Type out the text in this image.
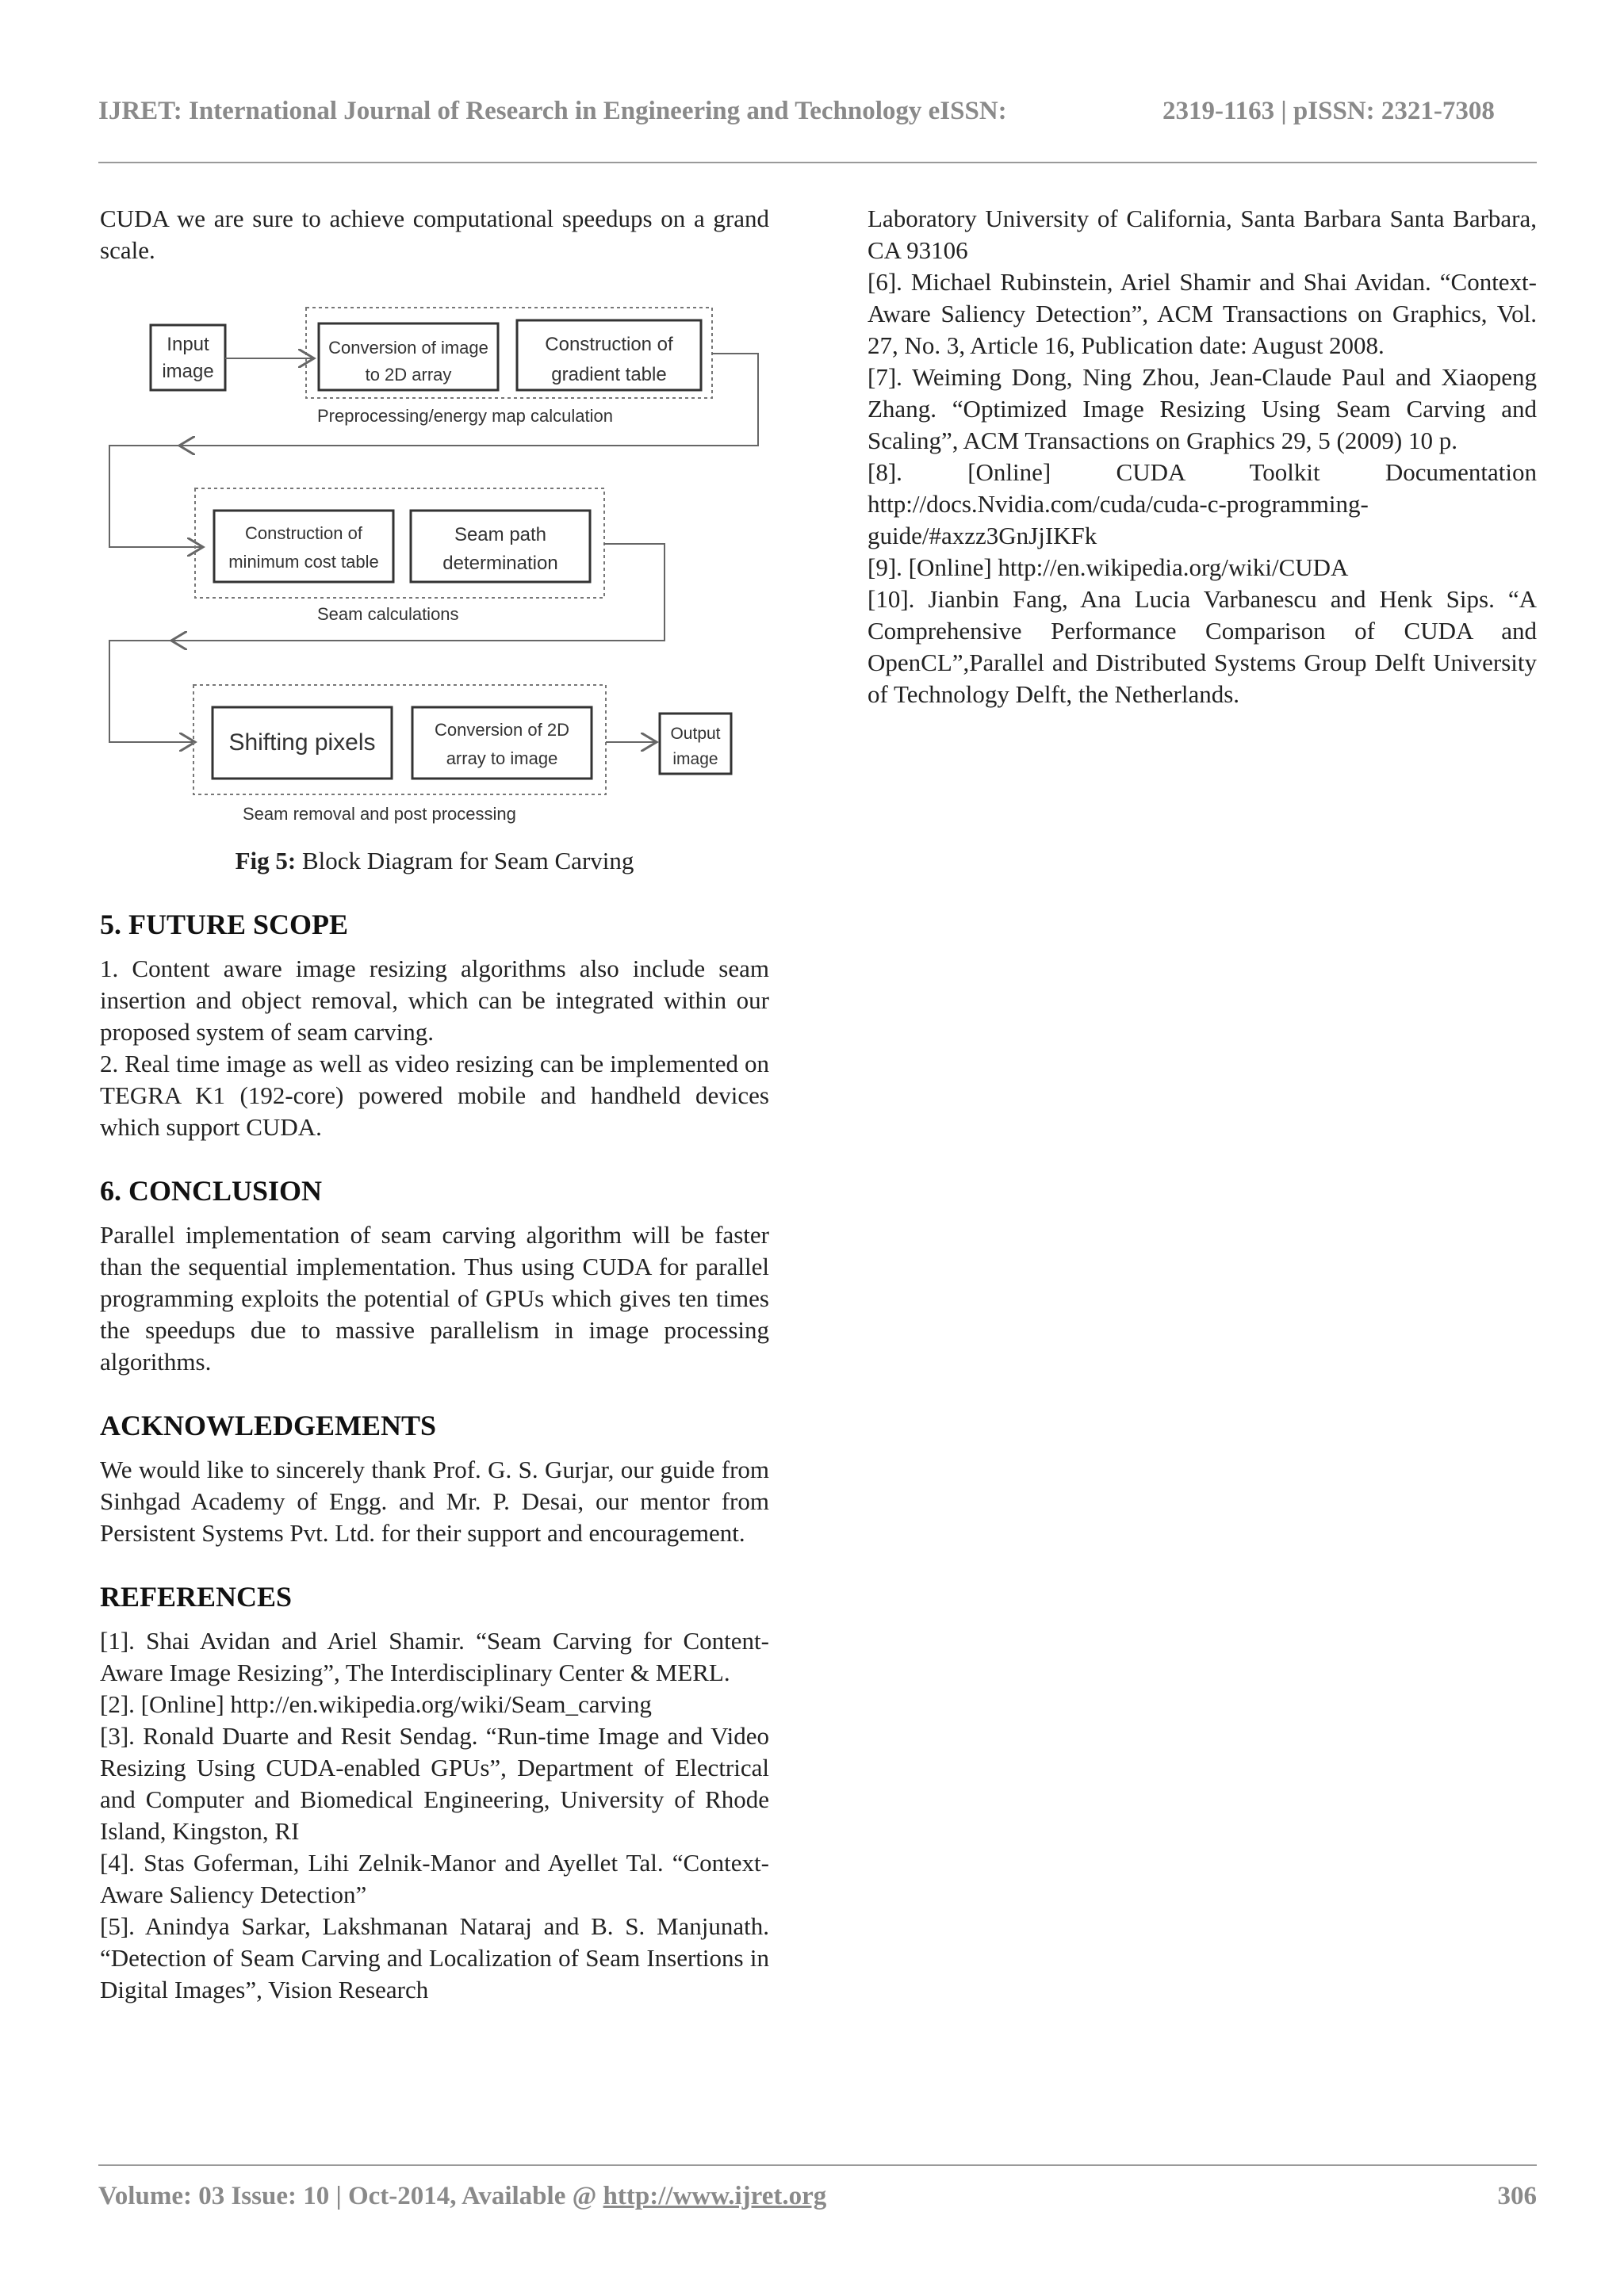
IJRET: International Journal of Research in Engineering and Technology eISSN:	2319-1163 | pISSN: 2321-7308

CUDA we are sure to achieve computational speedups on a grand scale.

Input image
Conversion of image to 2D array
Construction of gradient table
Preprocessing/energy map calculation
Construction of minimum cost table
Seam path determination
Seam calculations
Shifting pixels	Conversion of 2D array to image
Output image
Seam removal and post processing

Fig 5: Block Diagram for Seam Carving

5. FUTURE SCOPE

1. Content aware image resizing algorithms also include seam insertion and object removal, which can be integrated within our proposed system of seam carving.

2. Real time image as well as video resizing can be implemented on TEGRA K1 (192-core) powered mobile and handheld devices which support CUDA.

6. CONCLUSION

Parallel implementation of seam carving algorithm will be faster than the sequential implementation. Thus using CUDA for parallel programming exploits the potential of GPUs which gives ten times the speedups due to massive parallelism in image processing algorithms.

ACKNOWLEDGEMENTS

We would like to sincerely thank Prof. G. S. Gurjar, our guide from Sinhgad Academy of Engg. and Mr. P. Desai, our mentor from Persistent Systems Pvt. Ltd. for their support and encouragement.

REFERENCES

[1]. Shai Avidan and Ariel Shamir. “Seam Carving for Content-Aware Image Resizing”, The Interdisciplinary Center & MERL.

[2]. [Online] http://en.wikipedia.org/wiki/Seam_carving

[3]. Ronald Duarte and Resit Sendag. “Run-time Image and Video Resizing Using CUDA-enabled GPUs”, Department of Electrical and Computer and Biomedical Engineering, University of Rhode Island, Kingston, RI

[4]. Stas Goferman, Lihi Zelnik-Manor and Ayellet Tal. “Context-Aware Saliency Detection”

[5]. Anindya Sarkar, Lakshmanan Nataraj and B. S. Manjunath. “Detection of Seam Carving and Localization of Seam Insertions in Digital Images”, Vision Research

Laboratory University of California, Santa Barbara Santa Barbara, CA 93106

[6]. Michael Rubinstein, Ariel Shamir and Shai Avidan. “Context-Aware Saliency Detection”, ACM Transactions on Graphics, Vol. 27, No. 3, Article 16, Publication date: August 2008.

[7]. Weiming Dong, Ning Zhou, Jean-Claude Paul and Xiaopeng Zhang. “Optimized Image Resizing Using Seam Carving and Scaling”, ACM Transactions on Graphics 29, 5 (2009) 10 p.

[8]. [Online] CUDA Toolkit Documentation http://docs.Nvidia.com/cuda/cuda-c-programming-guide/#axzz3GnJjIKFk

[9]. [Online] http://en.wikipedia.org/wiki/CUDA

[10]. Jianbin Fang, Ana Lucia Varbanescu and Henk Sips. “A Comprehensive Performance Comparison of CUDA and OpenCL”,Parallel and Distributed Systems Group Delft University of Technology Delft, the Netherlands.

Volume: 03 Issue: 10 | Oct-2014, Available @ http://www.ijret.org	306
